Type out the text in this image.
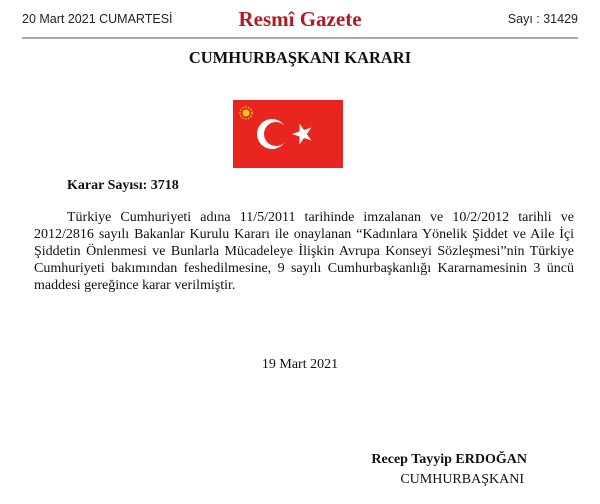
20 Mart 2021 CUMARTESİ	Resmî Gazete	Sayı : 31429
CUMHURBAŞKANI KARARI
Karar Sayısı: 3718
Türkiye Cumhuriyeti adına 11/5/2011 tarihinde imzalanan ve 10/2/2012 tarihli ve
2012/2816 sayılı Bakanlar Kurulu Kararı ile onaylanan “Kadınlara Yönelik Şiddet ve Aile İçi
Şiddetin Önlenmesi ve Bunlarla Mücadeleye İlişkin Avrupa Konseyi Sözleşmesi”nin Türkiye
Cumhuriyeti bakımından feshedilmesine, 9 sayılı Cumhurbaşkanlığı Kararnamesinin 3 üncü
maddesi gereğince karar verilmiştir.
19 Mart 2021
Recep Tayyip ERDOĞAN
CUMHURBAŞKANI
